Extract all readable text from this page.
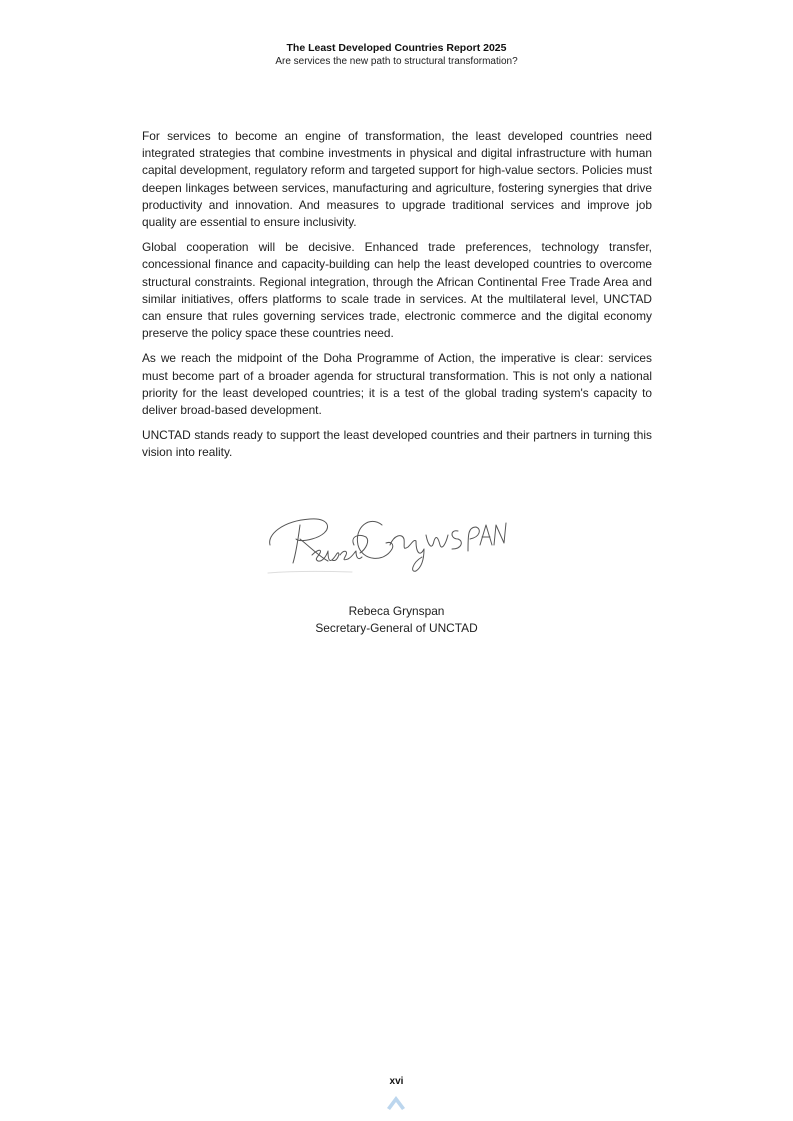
The Least Developed Countries Report 2025
Are services the new path to structural transformation?

For services to become an engine of transformation, the least developed countries need integrated strategies that combine investments in physical and digital infrastructure with human capital development, regulatory reform and targeted support for high-value sectors. Policies must deepen linkages between services, manufacturing and agriculture, fostering synergies that drive productivity and innovation. And measures to upgrade traditional services and improve job quality are essential to ensure inclusivity.

Global cooperation will be decisive. Enhanced trade preferences, technology transfer, concessional finance and capacity-building can help the least developed countries to overcome structural constraints. Regional integration, through the African Continental Free Trade Area and similar initiatives, offers platforms to scale trade in services. At the multilateral level, UNCTAD can ensure that rules governing services trade, electronic commerce and the digital economy preserve the policy space these countries need.

As we reach the midpoint of the Doha Programme of Action, the imperative is clear: services must become part of a broader agenda for structural transformation. This is not only a national priority for the least developed countries; it is a test of the global trading system's capacity to deliver broad-based development.

UNCTAD stands ready to support the least developed countries and their partners in turning this vision into reality.

Rebeca Grynspan
Secretary-General of UNCTAD
xvi
